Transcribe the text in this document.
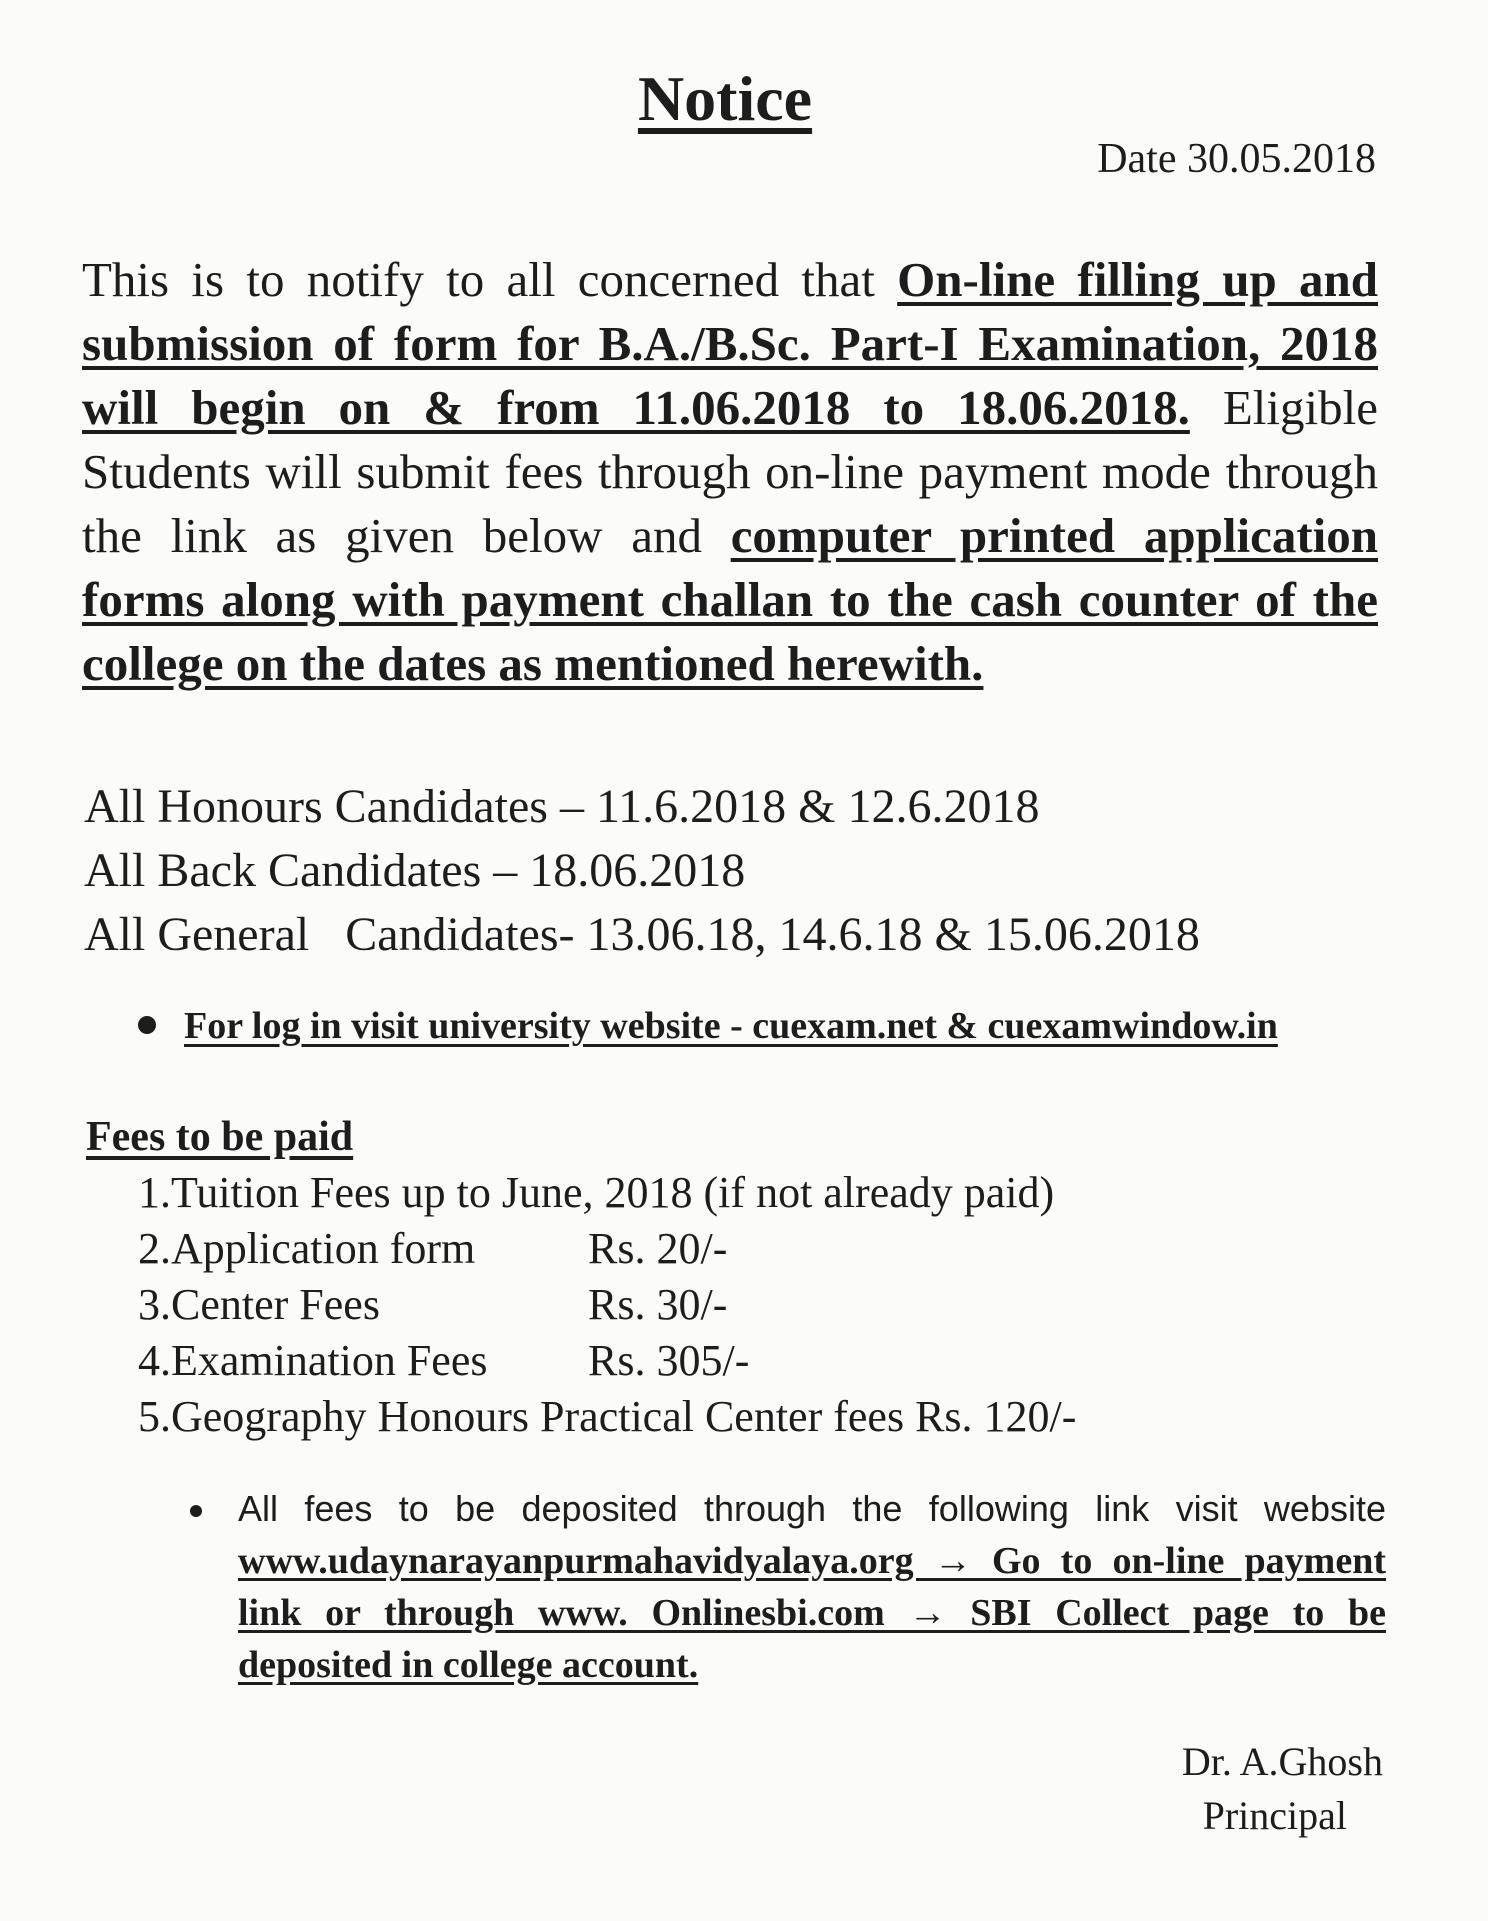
Notice
Date 30.05.2018
This is to notify to all concerned that On-line filling up and submission of form for B.A./B.Sc. Part-I Examination, 2018 will begin on & from 11.06.2018 to 18.06.2018. Eligible Students will submit fees through on-line payment mode through the link as given below and computer printed application forms along with payment challan to the cash counter of the college on the dates as mentioned herewith.
All Honours Candidates – 11.6.2018 & 12.6.2018
All Back Candidates – 18.06.2018
All General   Candidates- 13.06.18, 14.6.18 & 15.06.2018
For log in visit university website - cuexam.net & cuexamwindow.in
Fees to be paid
1.Tuition Fees up to June, 2018 (if not already paid)
2.Application form	Rs. 20/-
3.Center Fees	Rs. 30/-
4.Examination Fees	Rs. 305/-
5.Geography Honours Practical Center fees Rs. 120/-
All fees to be deposited through the following link visit website www.udaynarayanpurmahavidyalaya.org → Go to on-line payment link or through www. Onlinesbi.com → SBI Collect page to be deposited in college account.
Dr. A.Ghosh
Principal
